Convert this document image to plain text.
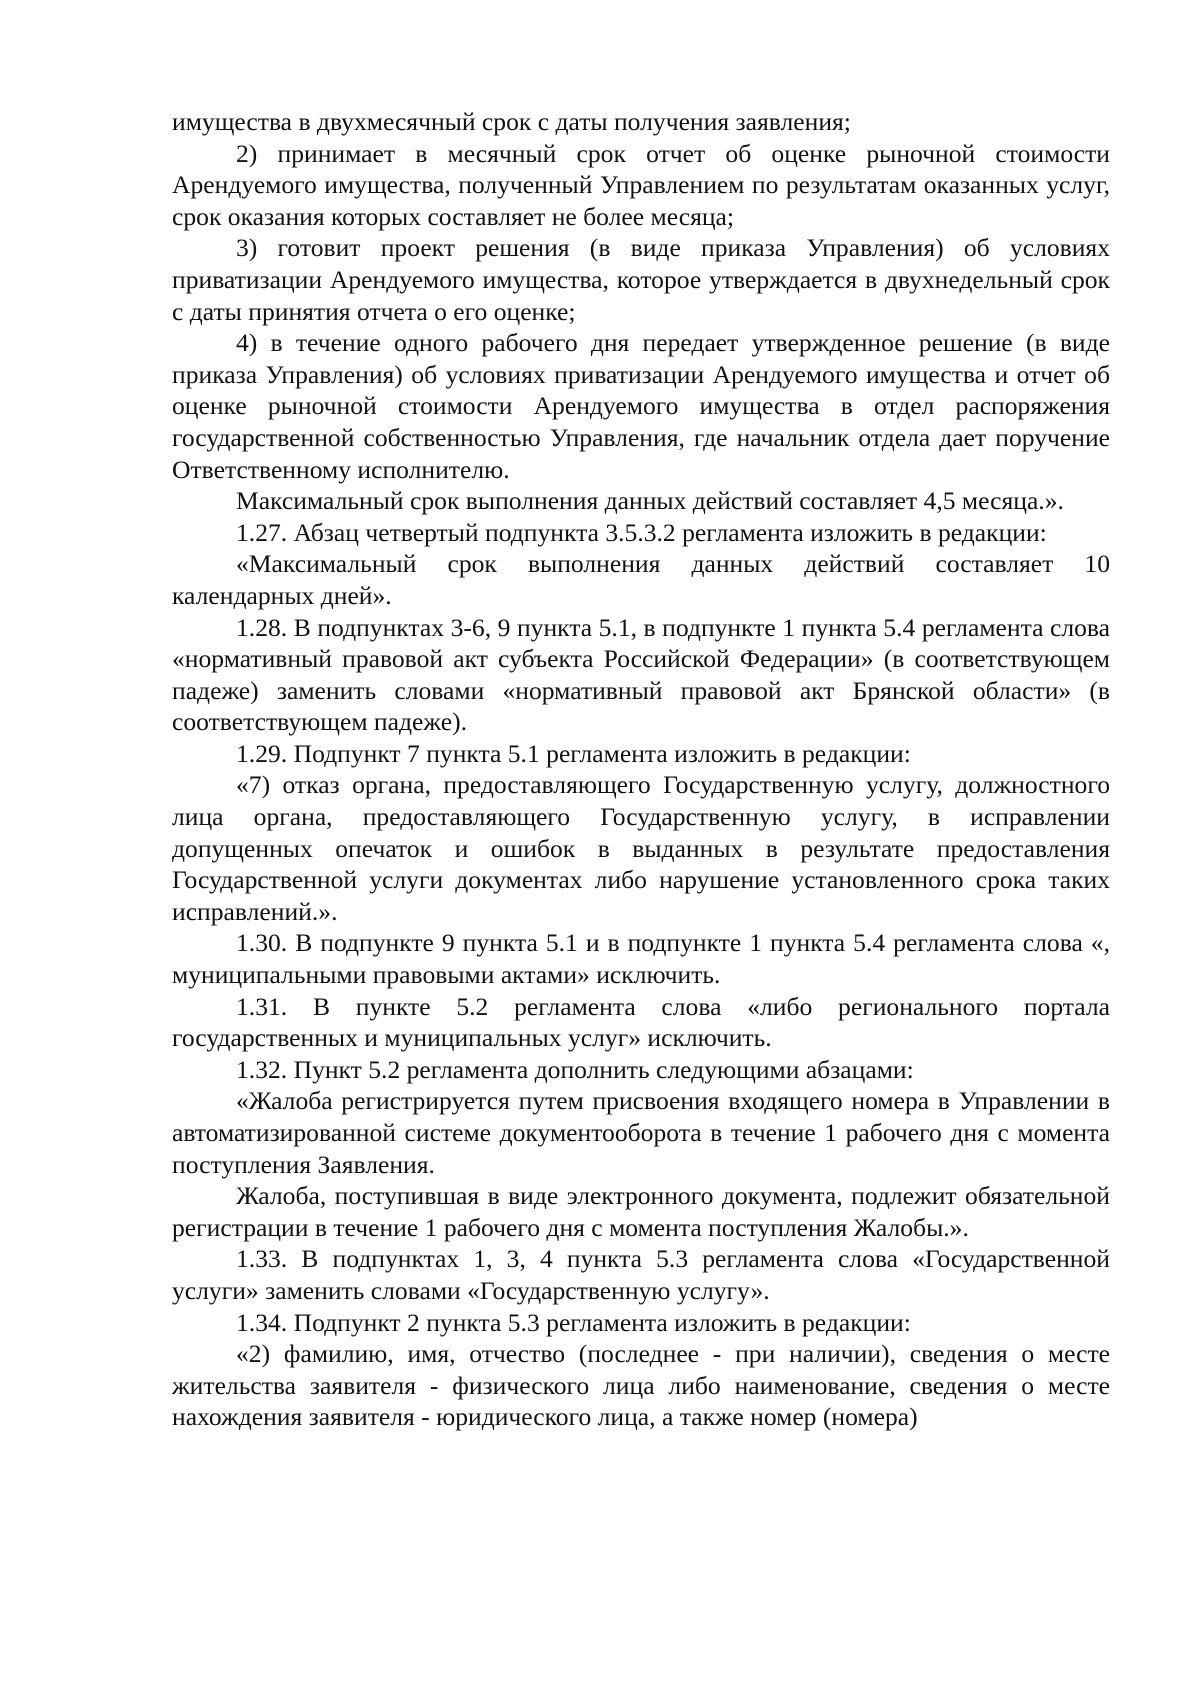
имущества в двухмесячный срок с даты получения заявления;

2) принимает в месячный срок отчет об оценке рыночной стоимости Арендуемого имущества, полученный Управлением по результатам оказанных услуг, срок оказания которых составляет не более месяца;

3) готовит проект решения (в виде приказа Управления) об условиях приватизации Арендуемого имущества, которое утверждается в двухнедельный срок с даты принятия отчета о его оценке;

4) в течение одного рабочего дня передает утвержденное решение (в виде приказа Управления) об условиях приватизации Арендуемого имущества и отчет об оценке рыночной стоимости Арендуемого имущества в отдел распоряжения государственной собственностью Управления, где начальник отдела дает поручение Ответственному исполнителю.

Максимальный срок выполнения данных действий составляет 4,5 месяца.».

1.27. Абзац четвертый подпункта 3.5.3.2 регламента изложить в редакции:

«Максимальный срок выполнения данных действий составляет 10 календарных дней».

1.28. В подпунктах 3-6, 9 пункта 5.1, в подпункте 1 пункта 5.4 регламента слова «нормативный правовой акт субъекта Российской Федерации» (в соответствующем падеже) заменить словами «нормативный правовой акт Брянской области» (в соответствующем падеже).

1.29. Подпункт 7 пункта 5.1 регламента изложить в редакции:

«7) отказ органа, предоставляющего Государственную услугу, должностного лица органа, предоставляющего Государственную услугу, в исправлении допущенных опечаток и ошибок в выданных в результате предоставления Государственной услуги документах либо нарушение установленного срока таких исправлений.».

1.30. В подпункте 9 пункта 5.1 и в подпункте 1 пункта 5.4 регламента слова «, муниципальными правовыми актами» исключить.

1.31. В пункте 5.2 регламента слова «либо регионального портала государственных и муниципальных услуг» исключить.

1.32. Пункт 5.2 регламента дополнить следующими абзацами:

«Жалоба регистрируется путем присвоения входящего номера в Управлении в автоматизированной системе документооборота в течение 1 рабочего дня с момента поступления Заявления.

Жалоба, поступившая в виде электронного документа, подлежит обязательной регистрации в течение 1 рабочего дня с момента поступления Жалобы.».

1.33. В подпунктах 1, 3, 4 пункта 5.3 регламента слова «Государственной услуги» заменить словами «Государственную услугу».

1.34. Подпункт 2 пункта 5.3 регламента изложить в редакции:

«2) фамилию, имя, отчество (последнее - при наличии), сведения о месте жительства заявителя - физического лица либо наименование, сведения о месте нахождения заявителя - юридического лица, а также номер (номера)
